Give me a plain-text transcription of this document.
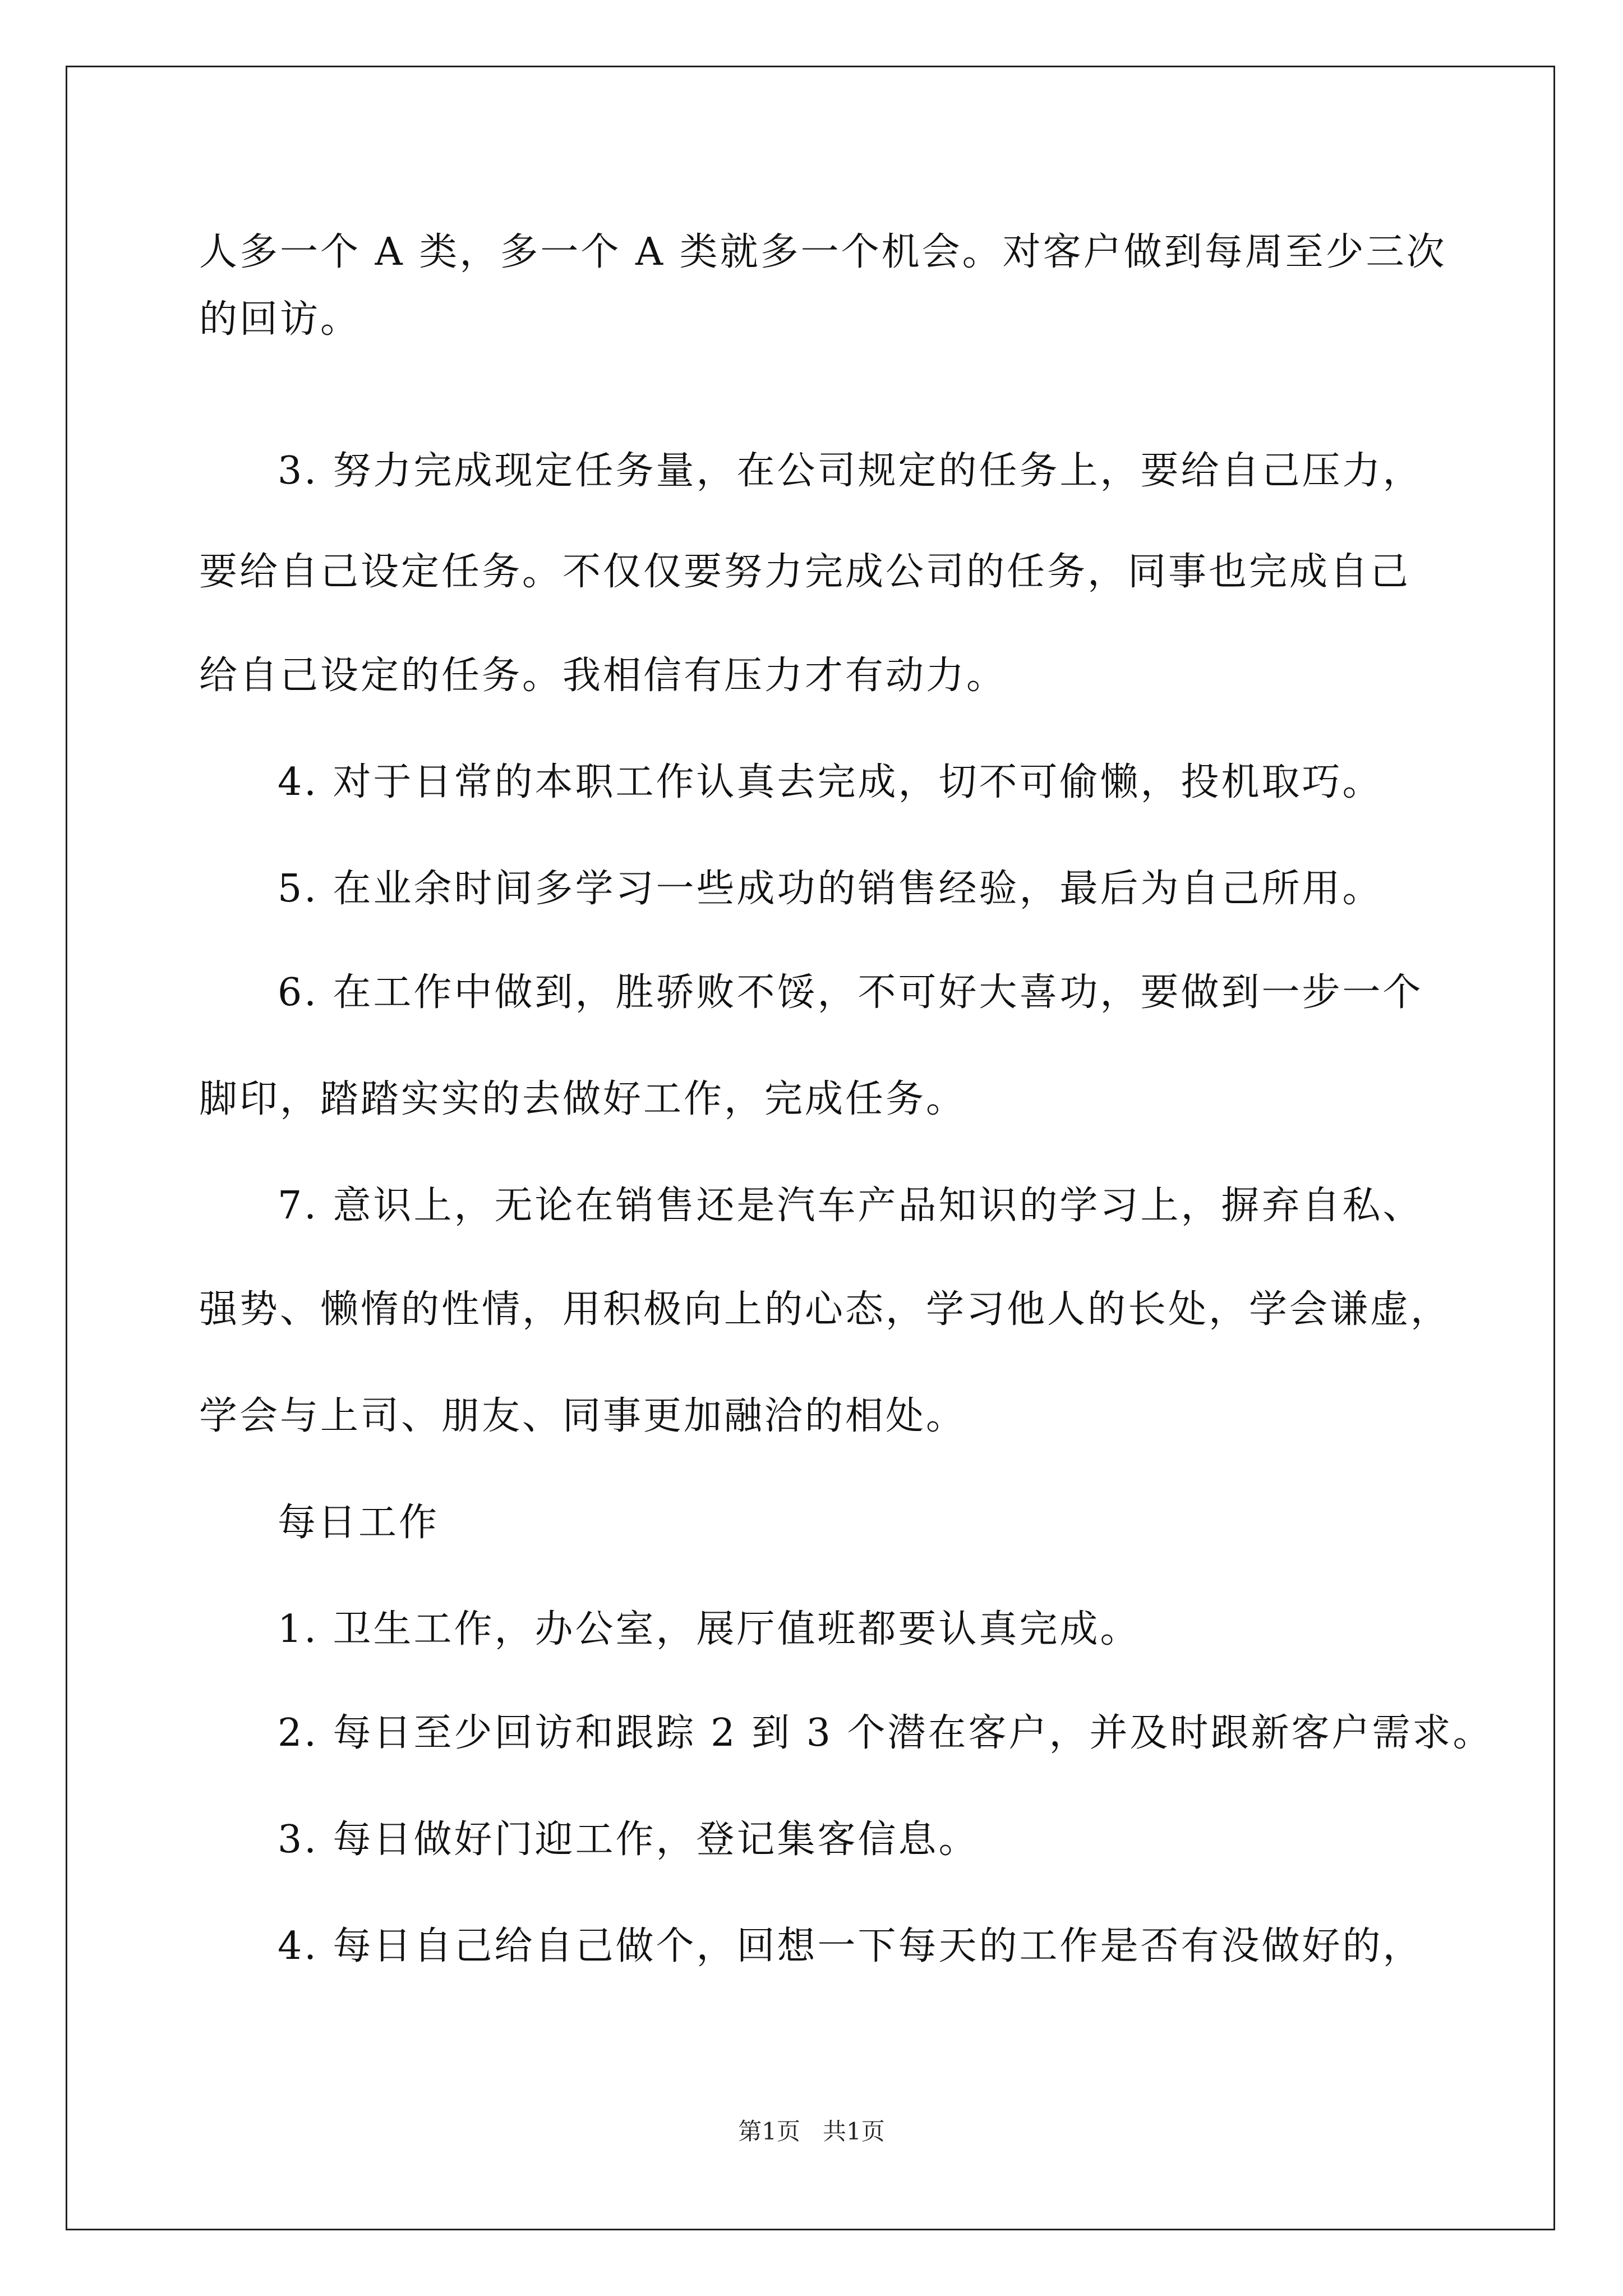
人多一个 A 类，多一个 A 类就多一个机会。对客户做到每周至少三次
的回访。
3. 努力完成现定任务量，在公司规定的任务上，要给自己压力，
要给自己设定任务。不仅仅要努力完成公司的任务，同事也完成自己
给自己设定的任务。我相信有压力才有动力。
4. 对于日常的本职工作认真去完成，切不可偷懒，投机取巧。
5. 在业余时间多学习一些成功的销售经验，最后为自己所用。
6. 在工作中做到，胜骄败不馁，不可好大喜功，要做到一步一个
脚印，踏踏实实的去做好工作，完成任务。
7. 意识上，无论在销售还是汽车产品知识的学习上，摒弃自私、
强势、懒惰的性情，用积极向上的心态，学习他人的长处，学会谦虚，
学会与上司、朋友、同事更加融洽的相处。
每日工作
1. 卫生工作，办公室，展厅值班都要认真完成。
2. 每日至少回访和跟踪 2 到 3 个潜在客户，并及时跟新客户需求。
3. 每日做好门迎工作，登记集客信息。
4. 每日自己给自己做个，回想一下每天的工作是否有没做好的，
第1页   共1页
